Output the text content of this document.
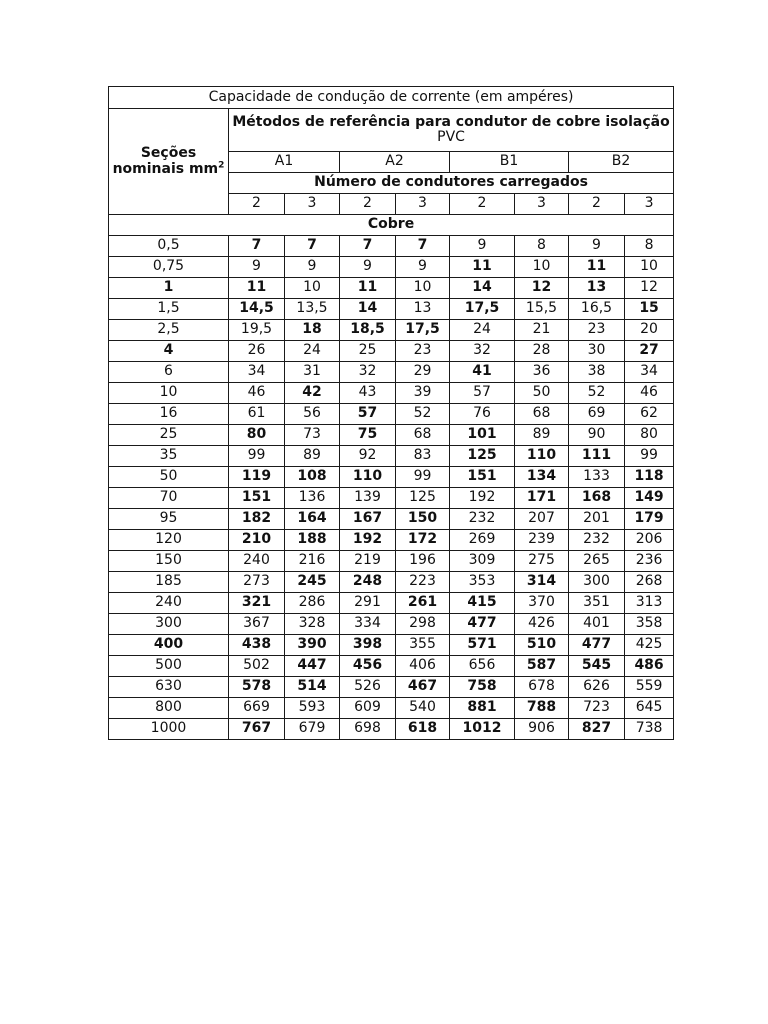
Capacidade de condução de corrente (em ampéres)								
Seções nominais $mm^2$	Métodos de referência para condutor de cobre isolação
PVC							
	A1		A2		B1		B2	
	Número de condutores carregados							
	2	3	2	3	2	3	2	3
Cobre								
0,5	7	7	7	7	9	8	9	8
0,75	9	9	9	9	11	10	11	10
1	11	10	11	10	14	12	13	12
1,5	14,5	13,5	14	13	17,5	15,5	16,5	15
2,5	19,5	18	18,5	17,5	24	21	23	20
4	26	24	25	23	32	28	30	27
6	34	31	32	29	41	36	38	34
10	46	42	43	39	57	50	52	46
16	61	56	57	52	76	68	69	62
25	80	73	75	68	101	89	90	80
35	99	89	92	83	125	110	111	99
50	119	108	110	99	151	134	133	118
70	151	136	139	125	192	171	168	149
95	182	164	167	150	232	207	201	179
120	210	188	192	172	269	239	232	206
150	240	216	219	196	309	275	265	236
185	273	245	248	223	353	314	300	268
240	321	286	291	261	415	370	351	313
300	367	328	334	298	477	426	401	358
400	438	390	398	355	571	510	477	425
500	502	447	456	406	656	587	545	486
630	578	514	526	467	758	678	626	559
800	669	593	609	540	881	788	723	645
1000	767	679	698	618	1012	906	827	738
